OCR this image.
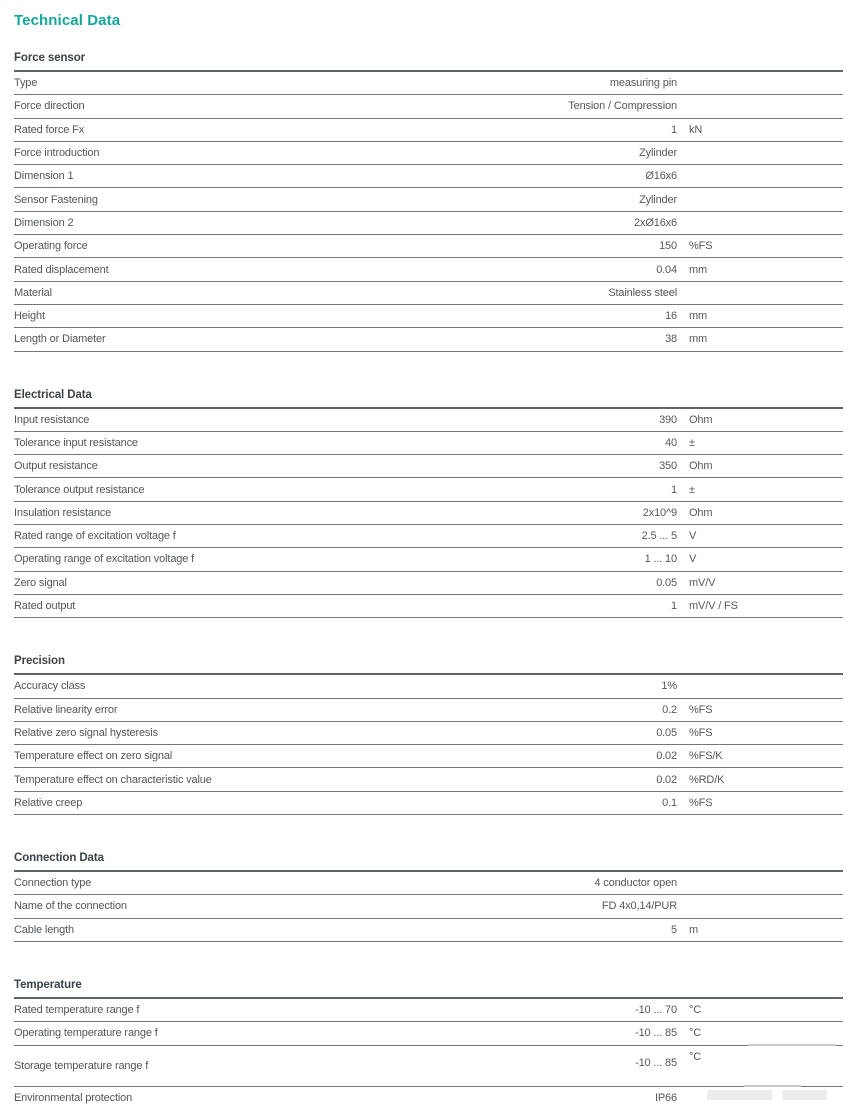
Technical Data
Force sensor
Type	measuring pin
Force direction	Tension / Compression
Rated force Fx	1	kN
Force introduction	Zylinder
Dimension 1	Ø16x6
Sensor Fastening	Zylinder
Dimension 2	2xØ16x6
Operating force	150	%FS
Rated displacement	0.04	mm
Material	Stainless steel
Height	16	mm
Length or Diameter	38	mm
Electrical Data
Input resistance	390	Ohm
Tolerance input resistance	40	±
Output resistance	350	Ohm
Tolerance output resistance	1	±
Insulation resistance	2x10^9	Ohm
Rated range of excitation voltage f	2.5 ... 5	V
Operating range of excitation voltage f	1 ... 10	V
Zero signal	0.05	mV/V
Rated output	1	mV/V / FS
Precision
Accuracy class	1%
Relative linearity error	0.2	%FS
Relative zero signal hysteresis	0.05	%FS
Temperature effect on zero signal	0.02	%FS/K
Temperature effect on characteristic value	0.02	%RD/K
Relative creep	0.1	%FS
Connection Data
Connection type	4 conductor open
Name of the connection	FD 4x0,14/PUR
Cable length	5	m
Temperature
Rated temperature range f	-10 ... 70	°C
Operating temperature range f	-10 ... 85	°C
Storage temperature range f	-10 ... 85	°C
Environmental protection	IP66
